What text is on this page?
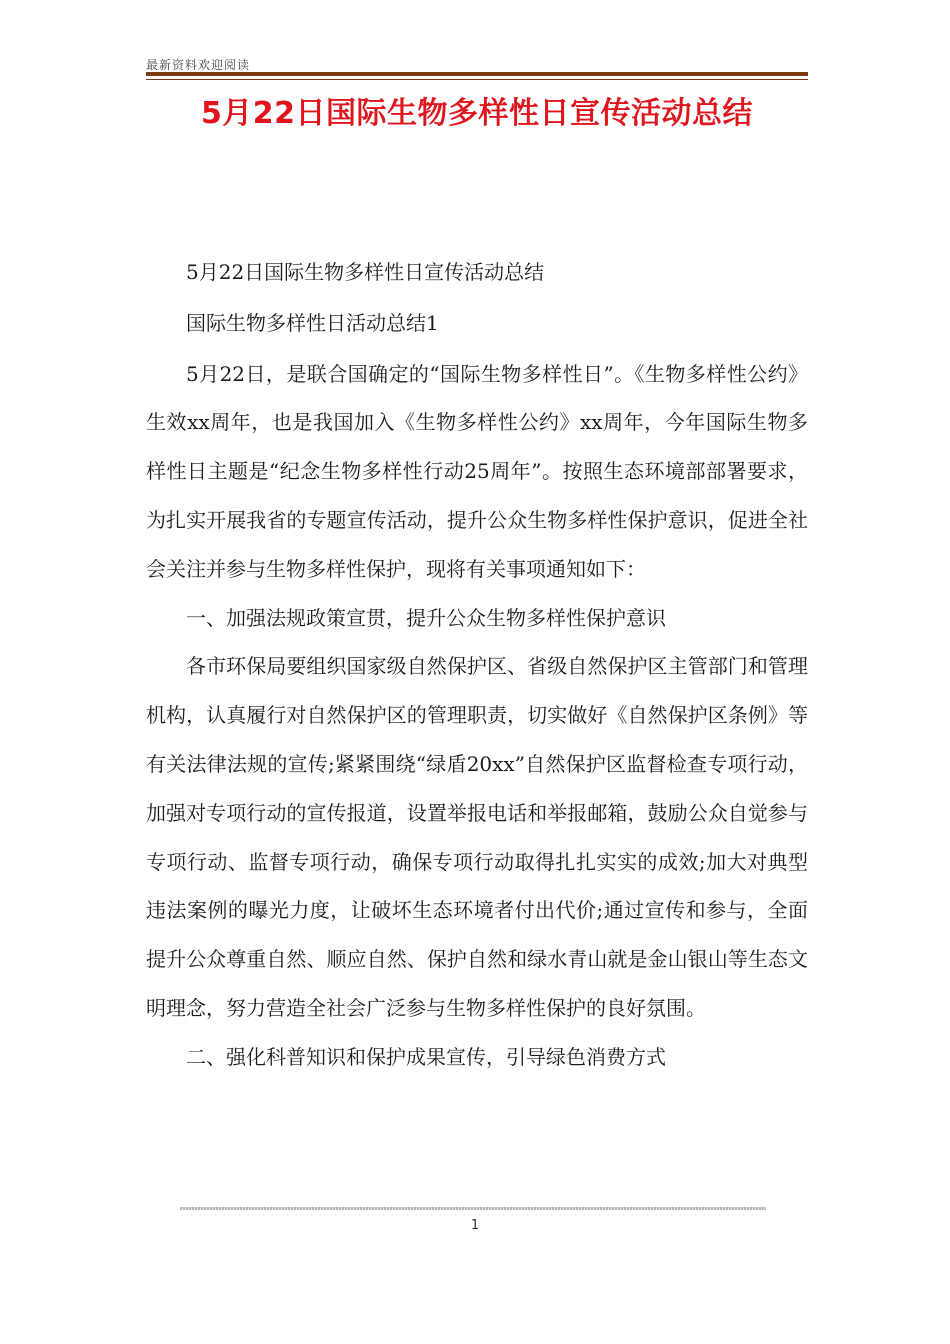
最新资料欢迎阅读
5月22日国际生物多样性日宣传活动总结

5月22日国际生物多样性日宣传活动总结

国际生物多样性日活动总结1

5月22日，是联合国确定的“国际生物多样性日”。《生物多样性公约》生效xx周年，也是我国加入《生物多样性公约》xx周年，今年国际生物多样性日主题是“纪念生物多样性行动25周年”。按照生态环境部部署要求，为扎实开展我省的专题宣传活动，提升公众生物多样性保护意识，促进全社会关注并参与生物多样性保护，现将有关事项通知如下：

一、加强法规政策宣贯，提升公众生物多样性保护意识

各市环保局要组织国家级自然保护区、省级自然保护区主管部门和管理机构，认真履行对自然保护区的管理职责，切实做好《自然保护区条例》等有关法律法规的宣传;紧紧围绕“绿盾20xx”自然保护区监督检查专项行动，加强对专项行动的宣传报道，设置举报电话和举报邮箱，鼓励公众自觉参与专项行动、监督专项行动，确保专项行动取得扎扎实实的成效;加大对典型违法案例的曝光力度，让破坏生态环境者付出代价;通过宣传和参与，全面提升公众尊重自然、顺应自然、保护自然和绿水青山就是金山银山等生态文明理念，努力营造全社会广泛参与生物多样性保护的良好氛围。

二、强化科普知识和保护成果宣传，引导绿色消费方式

1
